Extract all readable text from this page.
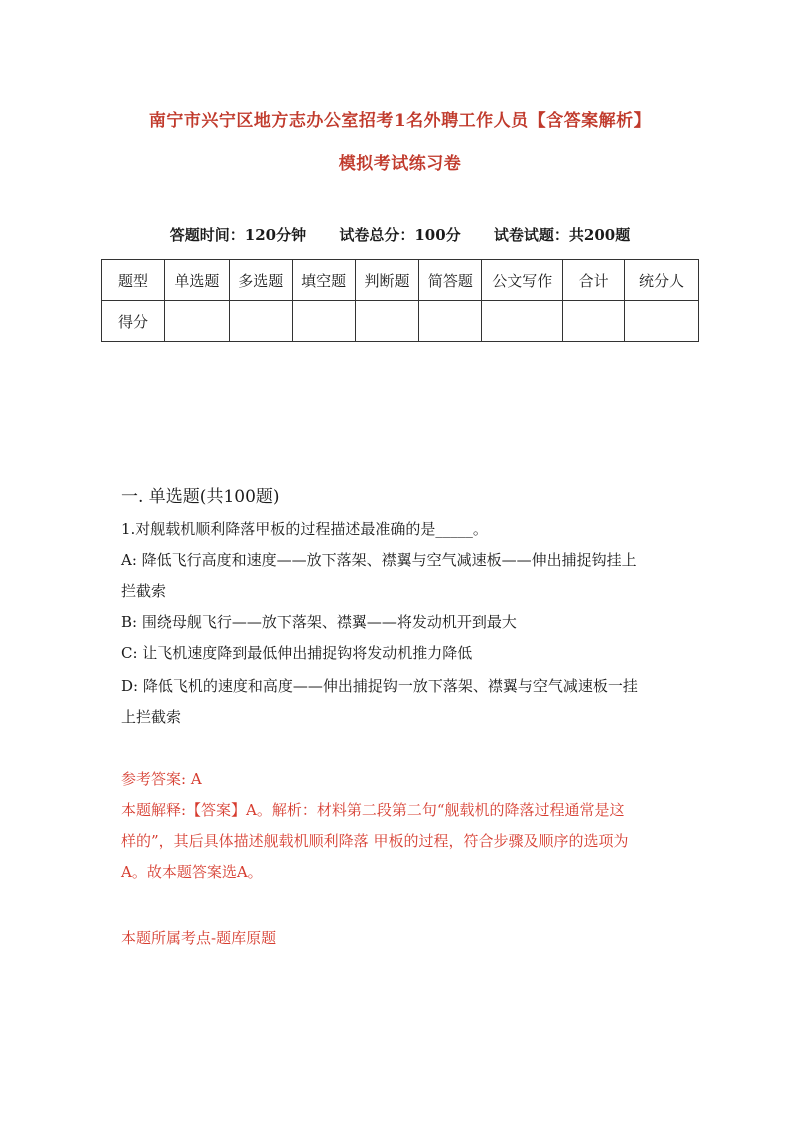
南宁市兴宁区地方志办公室招考1名外聘工作人员【含答案解析】
模拟考试练习卷
答题时间：120分钟 试卷总分：100分 试卷试题：共200题
题型	单选题	多选题	填空题	判断题	简答题	公文写作	合计	统分人
得分								
一. 单选题(共100题)
1.对舰载机顺利降落甲板的过程描述最准确的是_____。
A: 降低飞行高度和速度——放下落架、襟翼与空气减速板——伸出捕捉钩挂上
拦截索
B: 围绕母舰飞行——放下落架、襟翼——将发动机开到最大
C: 让飞机速度降到最低伸出捕捉钩将发动机推力降低
D: 降低飞机的速度和高度——伸出捕捉钩一放下落架、襟翼与空气减速板一挂
上拦截索
参考答案: A
本题解释:【答案】A。解析：材料第二段第二句“舰载机的降落过程通常是这
样的”，其后具体描述舰载机顺利降落 甲板的过程，符合步骤及顺序的选项为
A。故本题答案选A。
本题所属考点-题库原题
